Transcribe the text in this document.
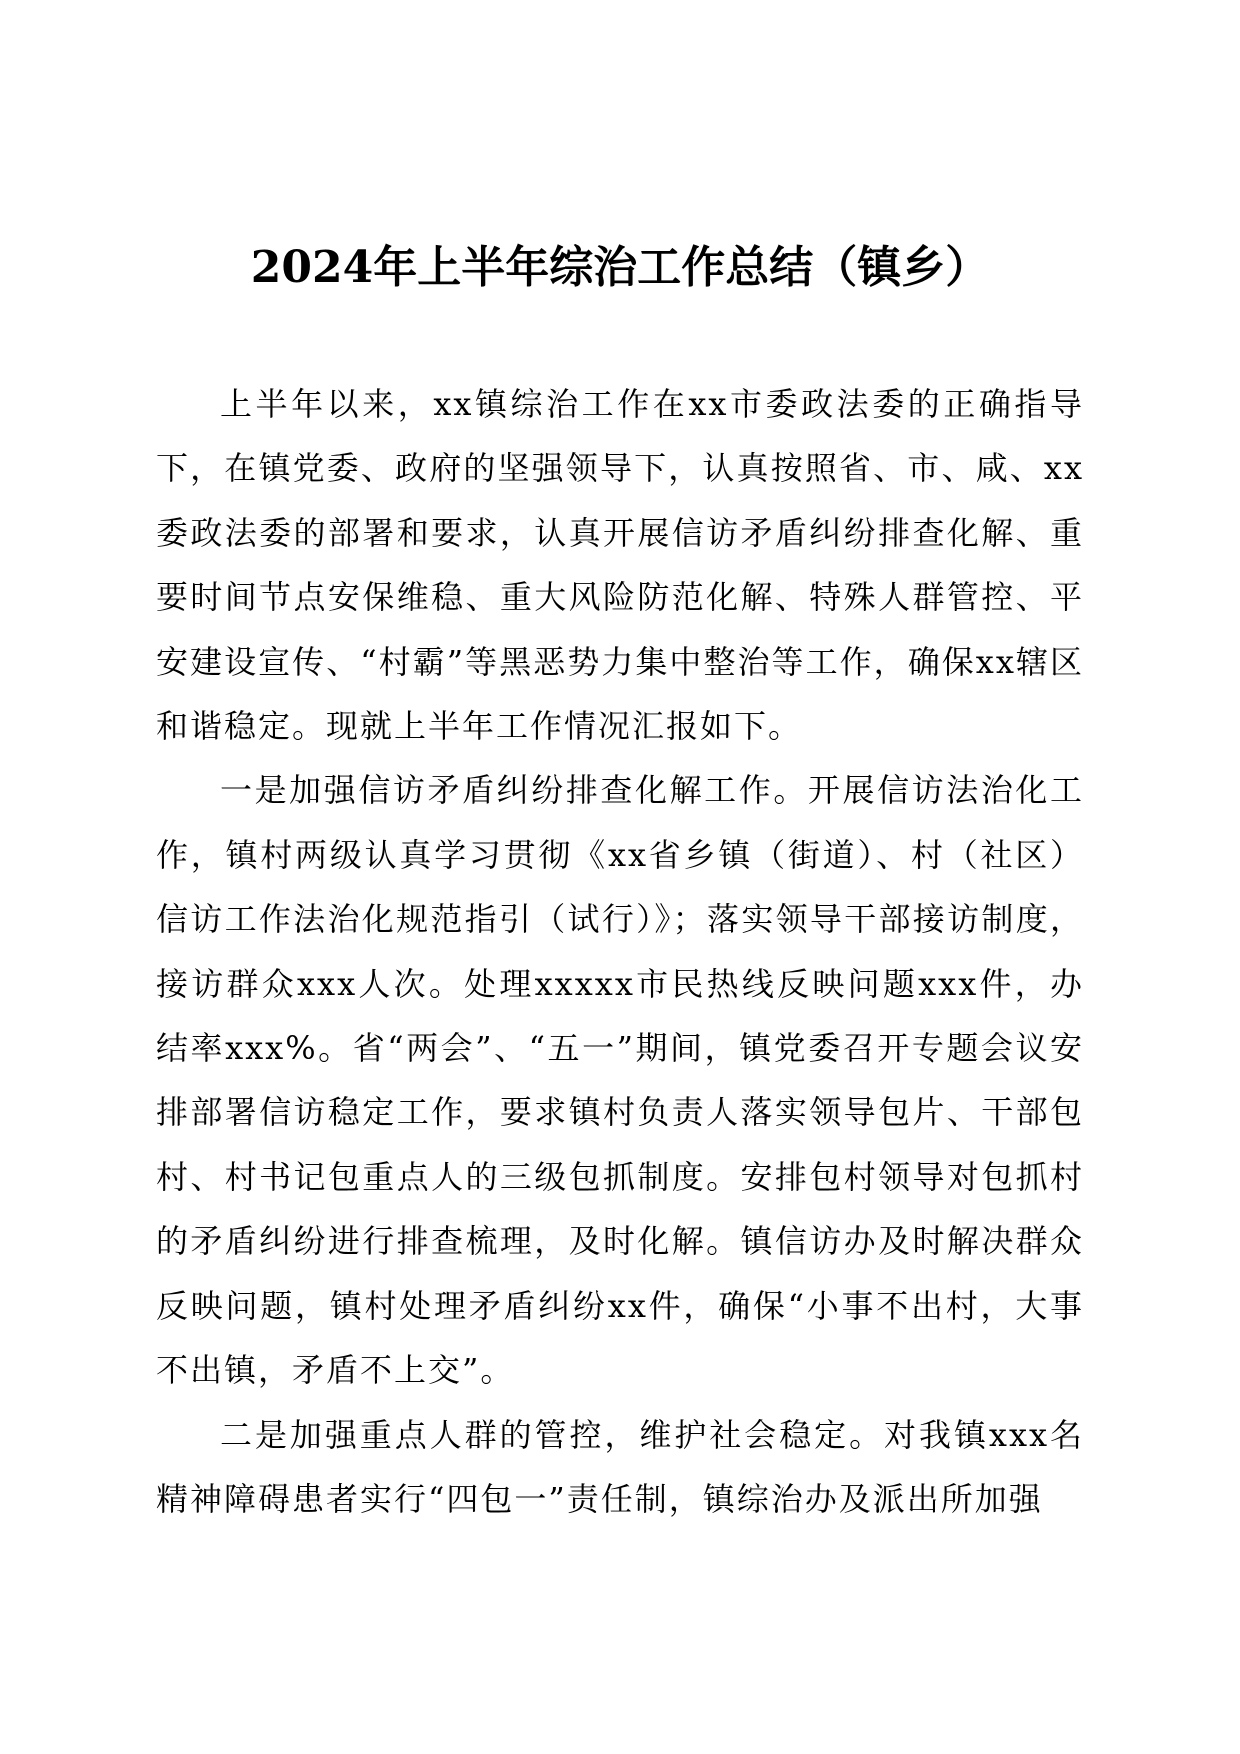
2024年上半年综治工作总结（镇乡）

上半年以来，xx镇综治工作在xx市委政法委的正确指导下，在镇党委、政府的坚强领导下，认真按照省、市、咸、xx委政法委的部署和要求，认真开展信访矛盾纠纷排查化解、重要时间节点安保维稳、重大风险防范化解、特殊人群管控、平安建设宣传、“村霸”等黑恶势力集中整治等工作，确保xx辖区和谐稳定。现就上半年工作情况汇报如下。

一是加强信访矛盾纠纷排查化解工作。开展信访法治化工作，镇村两级认真学习贯彻《xx省乡镇（街道）、村（社区）信访工作法治化规范指引（试行）》；落实领导干部接访制度，接访群众xxx人次。处理xxxxx市民热线反映问题xxx件，办结率xxx%。省“两会”、“五一”期间，镇党委召开专题会议安排部署信访稳定工作，要求镇村负责人落实领导包片、干部包村、村书记包重点人的三级包抓制度。安排包村领导对包抓村的矛盾纠纷进行排查梳理，及时化解。镇信访办及时解决群众反映问题，镇村处理矛盾纠纷xx件，确保“小事不出村，大事不出镇，矛盾不上交”。

二是加强重点人群的管控，维护社会稳定。对我镇xxx名精神障碍患者实行“四包一”责任制，镇综治办及派出所加强
